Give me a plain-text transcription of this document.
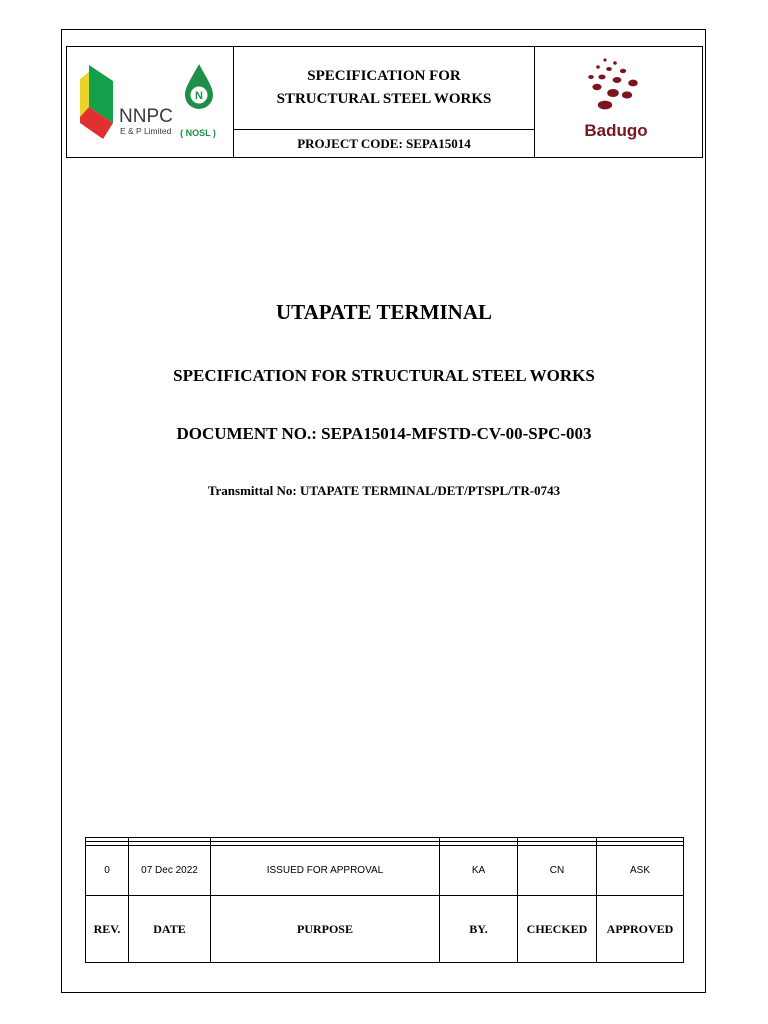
NNPC
E & P Limited
N
( NOSL )
SPECIFICATION FOR
STRUCTURAL STEEL WORKS
PROJECT CODE: SEPA15014
Badugo
UTAPATE TERMINAL
SPECIFICATION FOR STRUCTURAL STEEL WORKS
DOCUMENT NO.: SEPA15014-MFSTD-CV-00-SPC-003
Transmittal No: UTAPATE TERMINAL/DET/PTSPL/TR-0743

0	07 Dec 2022	ISSUED FOR APPROVAL	KA	CN	ASK
REV.	DATE	PURPOSE	BY.	CHECKED	APPROVED
